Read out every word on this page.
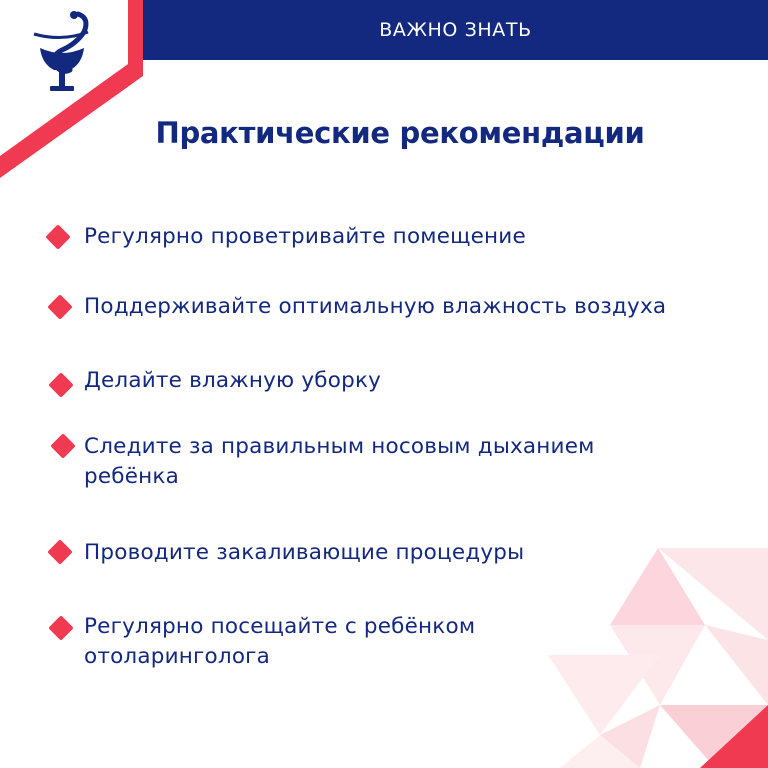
ВАЖНО ЗНАТЬ
Практические рекомендации
Регулярно проветривайте помещение
Поддерживайте оптимальную влажность воздуха
Делайте влажную уборку
Следите за правильным носовым дыханием ребёнка
Проводите закаливающие процедуры
Регулярно посещайте с ребёнком отоларинголога
